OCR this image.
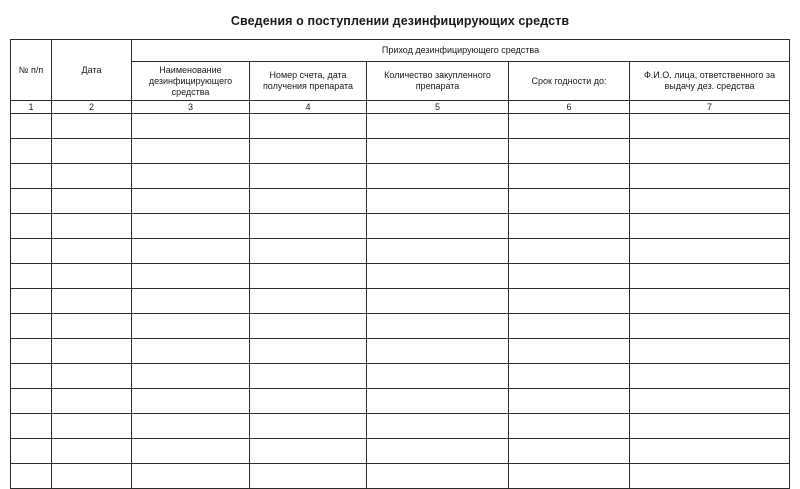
Сведения о поступлении дезинфицирующих средств
№ п/п	Дата	Приход дезинфицирующего средства				

		Наименование дезинфицирующего средства	Номер счета, дата получения препарата	Количество закупленного препарата	Срок годности до:	Ф.И.О. лица, ответственного за выдачу дез. средства

1	2	3	4	5	6	7
